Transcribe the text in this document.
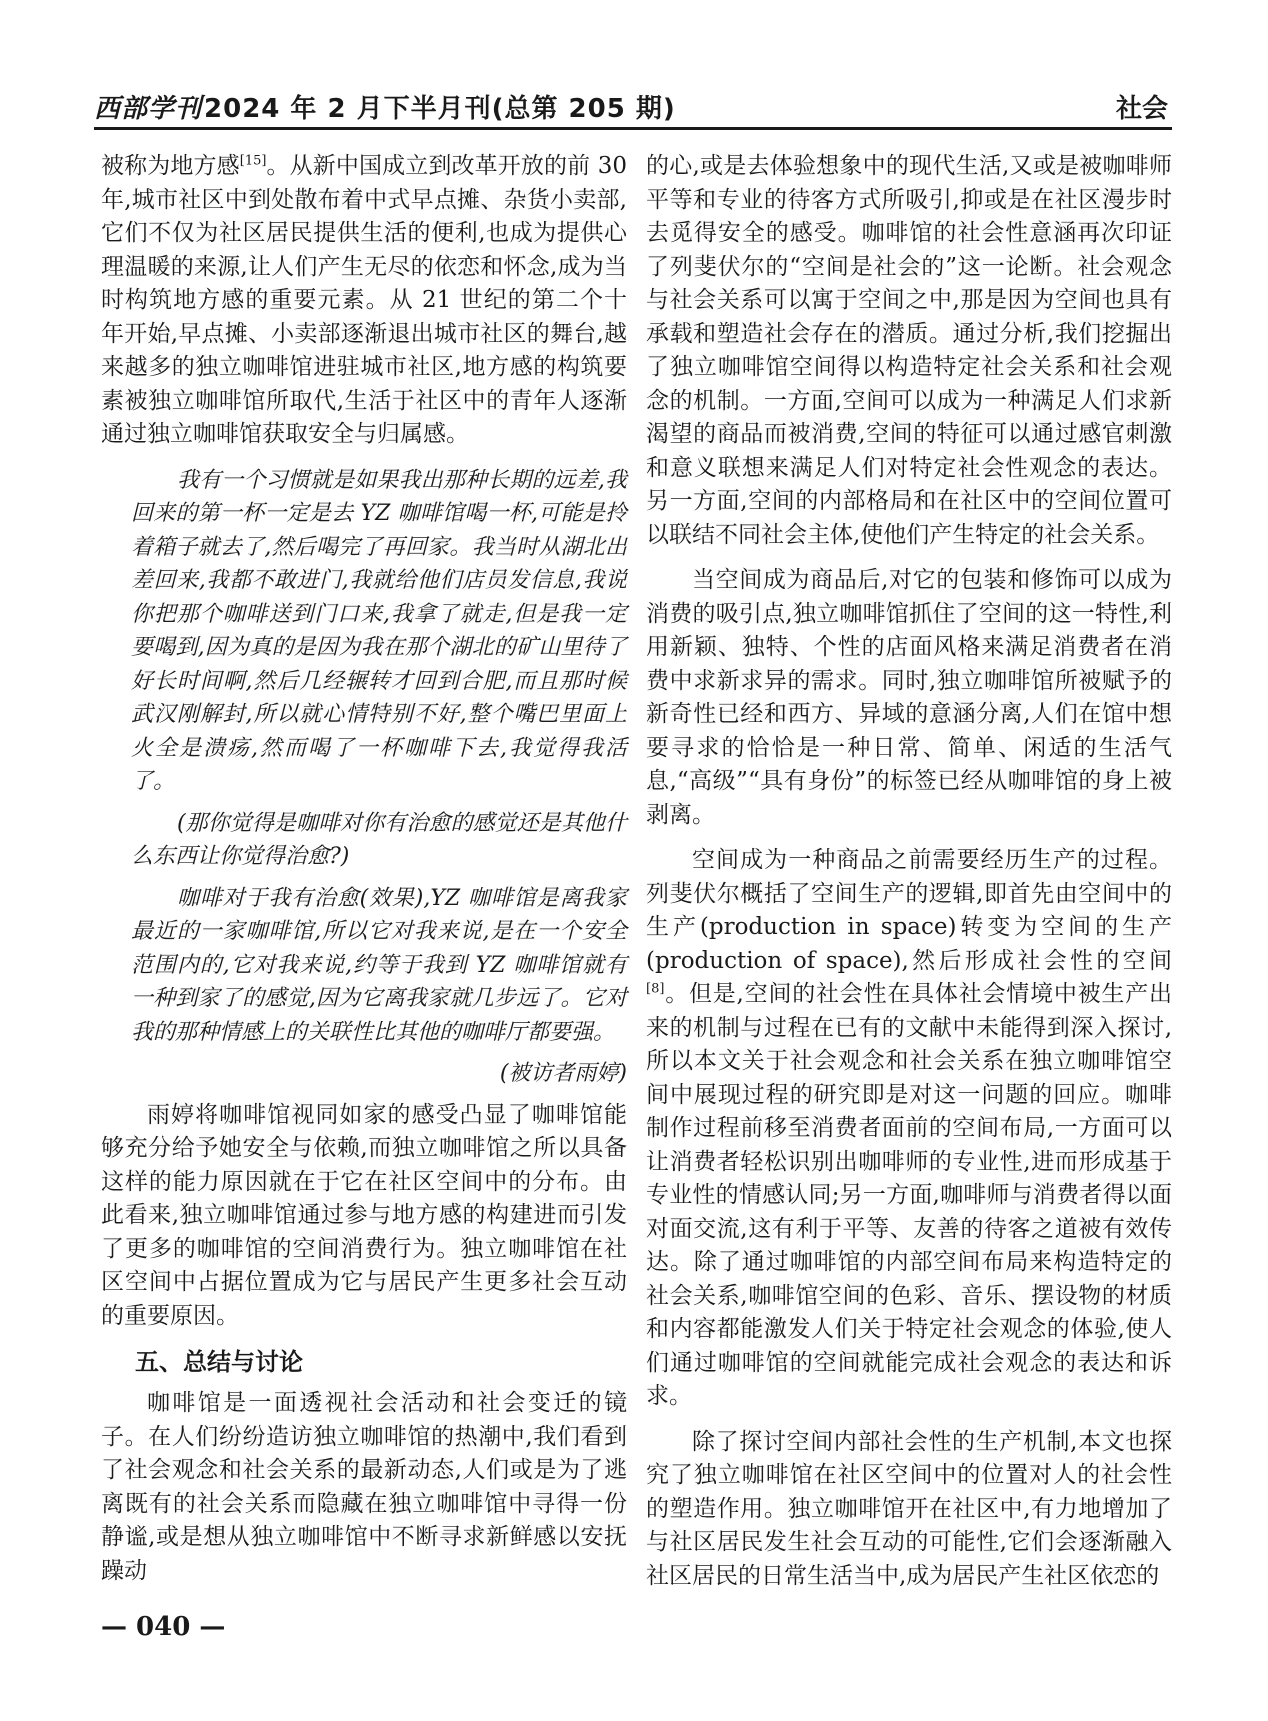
西部学刊2024 年 2 月下半月刊(总第 205 期)	社会

被称为地方感[15]。从新中国成立到改革开放的前 30 年,城市社区中到处散布着中式早点摊、杂货小卖部,它们不仅为社区居民提供生活的便利,也成为提供心理温暖的来源,让人们产生无尽的依恋和怀念,成为当时构筑地方感的重要元素。从 21 世纪的第二个十年开始,早点摊、小卖部逐渐退出城市社区的舞台,越来越多的独立咖啡馆进驻城市社区,地方感的构筑要素被独立咖啡馆所取代,生活于社区中的青年人逐渐通过独立咖啡馆获取安全与归属感。

我有一个习惯就是如果我出那种长期的远差,我回来的第一杯一定是去 YZ 咖啡馆喝一杯,可能是拎着箱子就去了,然后喝完了再回家。我当时从湖北出差回来,我都不敢进门,我就给他们店员发信息,我说你把那个咖啡送到门口来,我拿了就走,但是我一定要喝到,因为真的是因为我在那个湖北的矿山里待了好长时间啊,然后几经辗转才回到合肥,而且那时候武汉刚解封,所以就心情特别不好,整个嘴巴里面上火全是溃疡,然而喝了一杯咖啡下去,我觉得我活了。

(那你觉得是咖啡对你有治愈的感觉还是其他什么东西让你觉得治愈?)

咖啡对于我有治愈(效果),YZ 咖啡馆是离我家最近的一家咖啡馆,所以它对我来说,是在一个安全范围内的,它对我来说,约等于我到 YZ 咖啡馆就有一种到家了的感觉,因为它离我家就几步远了。它对我的那种情感上的关联性比其他的咖啡厅都要强。

(被访者雨婷)

雨婷将咖啡馆视同如家的感受凸显了咖啡馆能够充分给予她安全与依赖,而独立咖啡馆之所以具备这样的能力原因就在于它在社区空间中的分布。由此看来,独立咖啡馆通过参与地方感的构建进而引发了更多的咖啡馆的空间消费行为。独立咖啡馆在社区空间中占据位置成为它与居民产生更多社会互动的重要原因。

五、总结与讨论

咖啡馆是一面透视社会活动和社会变迁的镜子。在人们纷纷造访独立咖啡馆的热潮中,我们看到了社会观念和社会关系的最新动态,人们或是为了逃离既有的社会关系而隐藏在独立咖啡馆中寻得一份静谧,或是想从独立咖啡馆中不断寻求新鲜感以安抚躁动

的心,或是去体验想象中的现代生活,又或是被咖啡师平等和专业的待客方式所吸引,抑或是在社区漫步时去觅得安全的感受。咖啡馆的社会性意涵再次印证了列斐伏尔的“空间是社会的”这一论断。社会观念与社会关系可以寓于空间之中,那是因为空间也具有承载和塑造社会存在的潜质。通过分析,我们挖掘出了独立咖啡馆空间得以构造特定社会关系和社会观念的机制。一方面,空间可以成为一种满足人们求新渴望的商品而被消费,空间的特征可以通过感官刺激和意义联想来满足人们对特定社会性观念的表达。另一方面,空间的内部格局和在社区中的空间位置可以联结不同社会主体,使他们产生特定的社会关系。

当空间成为商品后,对它的包装和修饰可以成为消费的吸引点,独立咖啡馆抓住了空间的这一特性,利用新颖、独特、个性的店面风格来满足消费者在消费中求新求异的需求。同时,独立咖啡馆所被赋予的新奇性已经和西方、异域的意涵分离,人们在馆中想要寻求的恰恰是一种日常、简单、闲适的生活气息,“高级”“具有身份”的标签已经从咖啡馆的身上被剥离。

空间成为一种商品之前需要经历生产的过程。列斐伏尔概括了空间生产的逻辑,即首先由空间中的生产(production in space)转变为空间的生产(production of space),然后形成社会性的空间[8]。但是,空间的社会性在具体社会情境中被生产出来的机制与过程在已有的文献中未能得到深入探讨,所以本文关于社会观念和社会关系在独立咖啡馆空间中展现过程的研究即是对这一问题的回应。咖啡制作过程前移至消费者面前的空间布局,一方面可以让消费者轻松识别出咖啡师的专业性,进而形成基于专业性的情感认同;另一方面,咖啡师与消费者得以面对面交流,这有利于平等、友善的待客之道被有效传达。除了通过咖啡馆的内部空间布局来构造特定的社会关系,咖啡馆空间的色彩、音乐、摆设物的材质和内容都能激发人们关于特定社会观念的体验,使人们通过咖啡馆的空间就能完成社会观念的表达和诉求。

除了探讨空间内部社会性的生产机制,本文也探究了独立咖啡馆在社区空间中的位置对人的社会性的塑造作用。独立咖啡馆开在社区中,有力地增加了与社区居民发生社会互动的可能性,它们会逐渐融入社区居民的日常生活当中,成为居民产生社区依恋的

— 040 —
